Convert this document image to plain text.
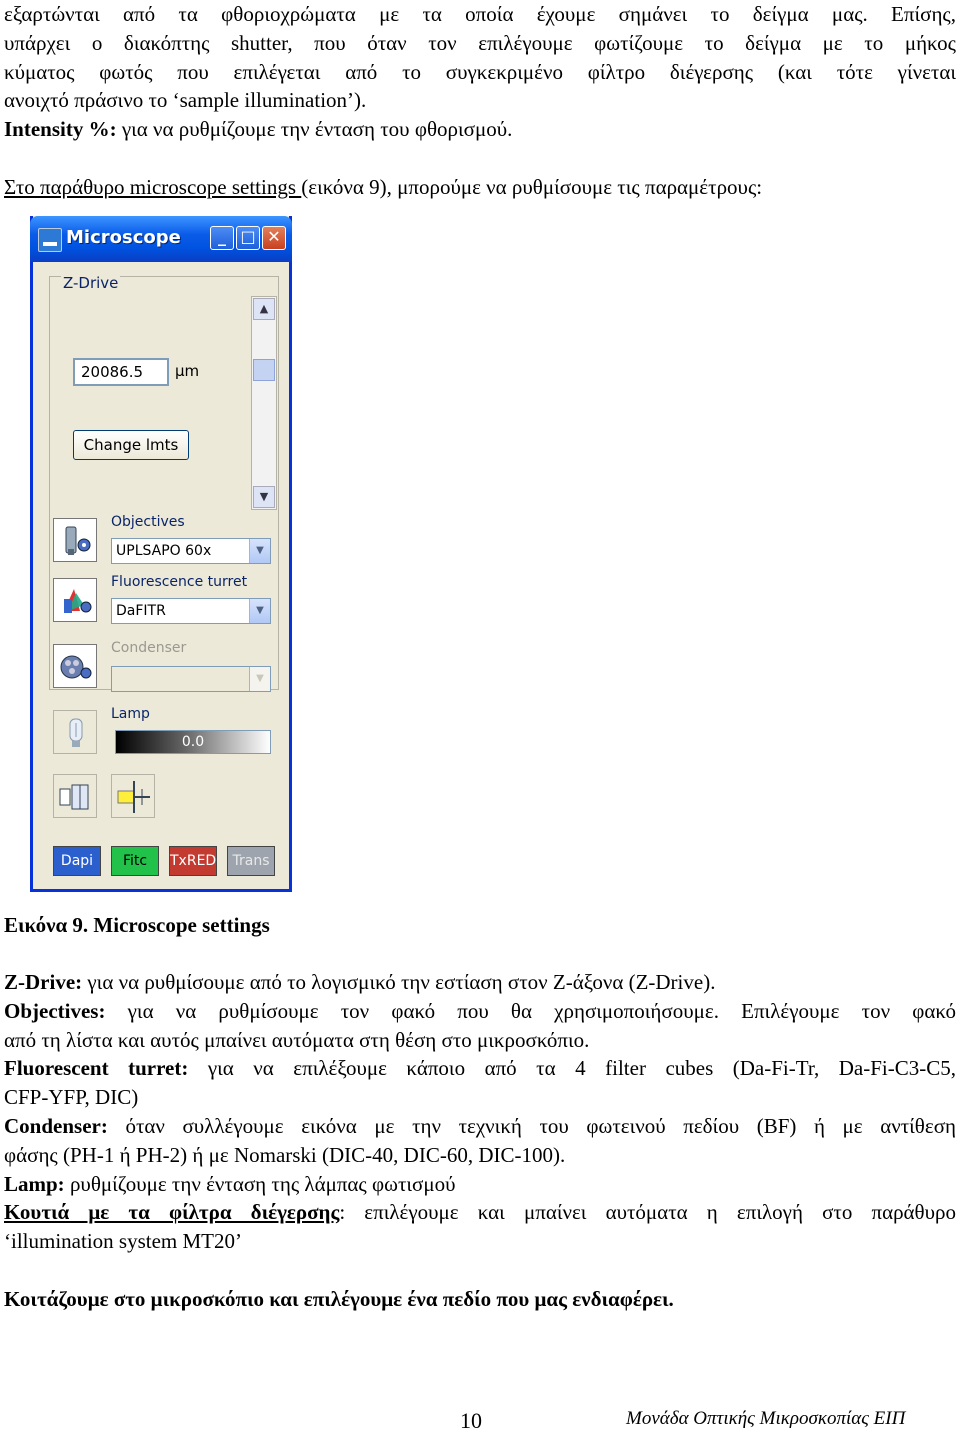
εξαρτώνται από τα φθοριοχρώματα με τα οποία έχουμε σημάνει το δείγμα μας. Επίσης,
υπάρχει ο διακόπτης shutter, που όταν τον επιλέγουμε φωτίζουμε το δείγμα με το μήκος
κύματος φωτός που επιλέγεται από το συγκεκριμένο φίλτρο διέγερσης (και τότε γίνεται
ανοιχτό πράσινο το ‘sample illumination’).
Intensity %: για να ρυθμίζουμε την ένταση του φθορισμού.
Στο παράθυρο microscope settings (εικόνα 9), μπορούμε να ρυθμίσουμε τις παραμέτρους:
Microscope	_ □ ✕
Z-Drive
▲
▼
20086.5	µm
Change lmts
Objectives
UPLSAPO 60x	▼
Fluorescence turret
DaFITR	▼
Condenser
▼
Lamp
0.0
Dapi	Fitc	TxRED	Trans
Εικόνα 9. Microscope settings
Z-Drive: για να ρυθμίσουμε από το λογισμικό την εστίαση στον Z-άξονα (Z-Drive).
Objectives: για να ρυθμίσουμε τον φακό που θα χρησιμοποιήσουμε. Επιλέγουμε τον φακό
από τη λίστα και αυτός μπαίνει αυτόματα στη θέση στο μικροσκόπιο.
Fluorescent turret: για να επιλέξουμε κάποιο από τα 4 filter cubes (Da-Fi-Tr, Da-Fi-C3-C5,
CFP-YFP, DIC)
Condenser: όταν συλλέγουμε εικόνα με την τεχνική του φωτεινού πεδίου (BF) ή με αντίθεση
φάσης (PH-1 ή PH-2) ή με Nomarski (DIC-40, DIC-60, DIC-100).
Lamp: ρυθμίζουμε την ένταση της λάμπας φωτισμού
Κουτιά με τα φίλτρα διέγερσης: επιλέγουμε και μπαίνει αυτόματα η επιλογή στο παράθυρο
‘illumination system MT20’
Κοιτάζουμε στο μικροσκόπιο και επιλέγουμε ένα πεδίο που μας ενδιαφέρει.
10	Μονάδα Οπτικής Μικροσκοπίας ΕΙΠ
